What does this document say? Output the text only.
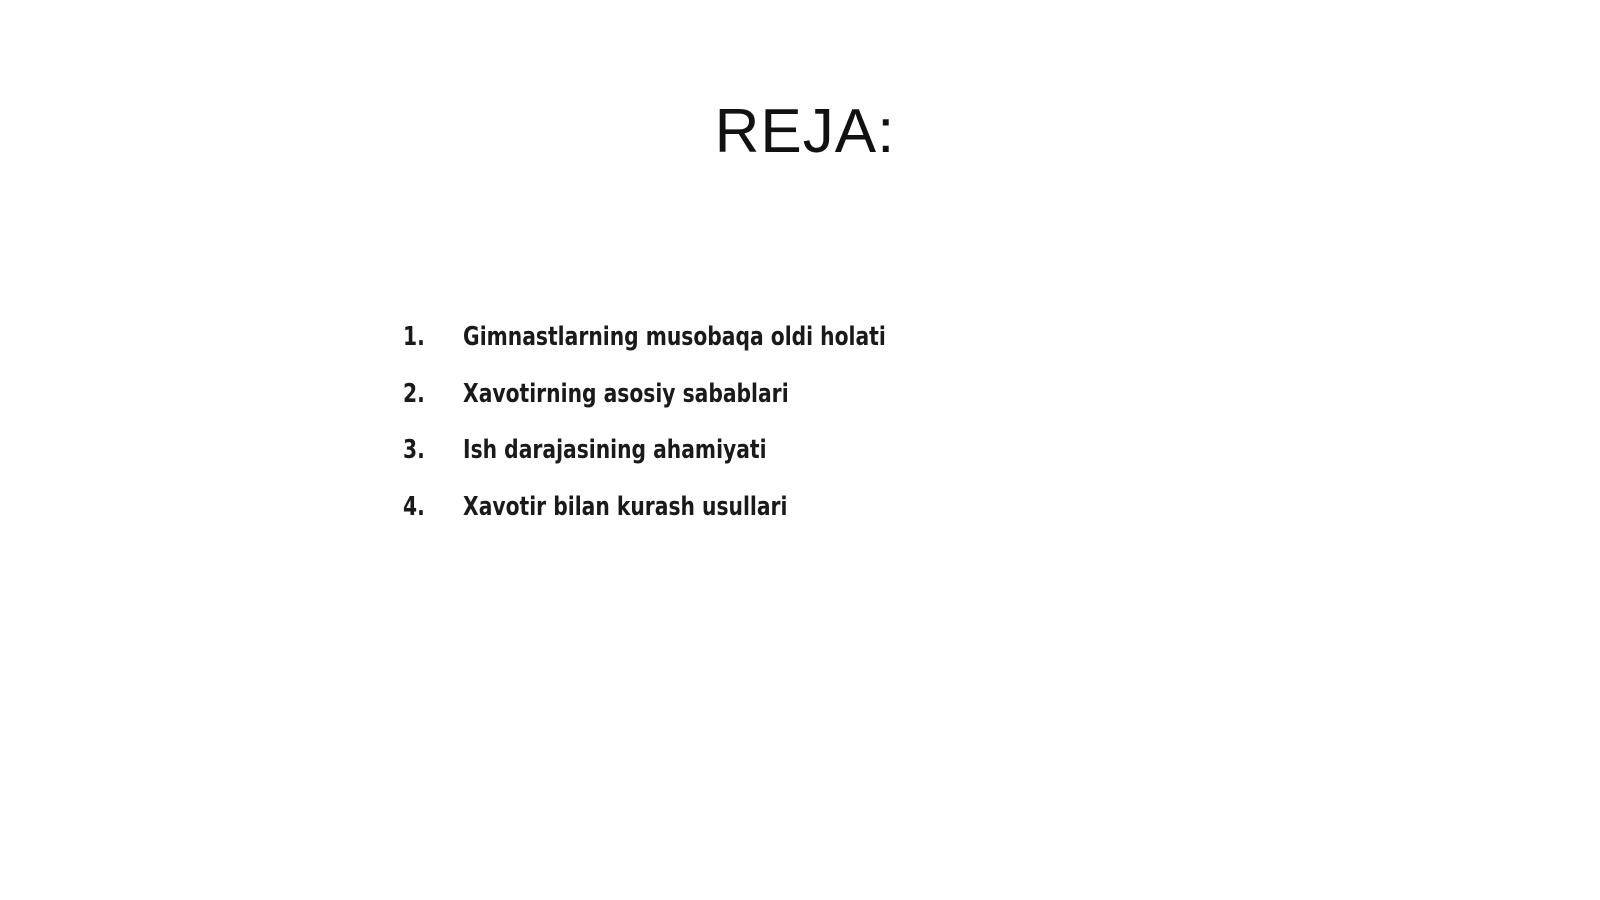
REJA:
1.	Gimnastlarning musobaqa oldi holati
2.	Xavotirning asosiy sabablari
3.	Ish darajasining ahamiyati
4.	Xavotir bilan kurash usullari
